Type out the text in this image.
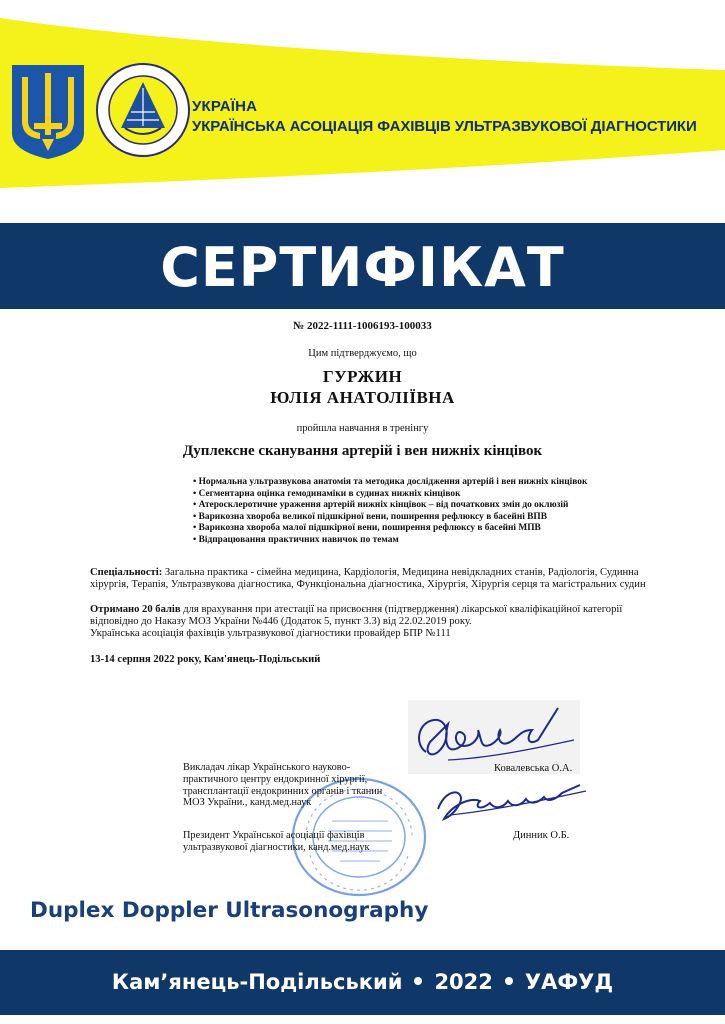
УКРАЇНА
УКРАЇНСЬКА АСОЦІАЦІЯ ФАХІВЦІВ УЛЬТРАЗВУКОВОЇ ДІАГНОСТИКИ
СЕРТИФІКАТ
№ 2022-1111-1006193-100033
Цим підтверджуємо, що
ГУРЖИН
ЮЛІЯ АНАТОЛІЇВНА
пройшла навчання в тренінгу
Дуплексне сканування артерій і вен нижніх кінцівок
• Нормальна ультразвукова анатомія та методика дослідження артерій і вен нижніх кінцівок
• Сегментарна оцінка гемодинаміки в судинах нижніх кінцівок
• Атеросклеротичне ураження артерій нижніх кінцівок – від початкових змін до оклюзій
• Варикозна хвороба великої підшкірної вени, поширення рефлюксу в басейні ВПВ
• Варикозна хвороба малої підшкірної вени, поширення рефлюксу в басейні МПВ
• Відпрацювання практичних навичок по темам
Спеціальності: Загальна практика - сімейна медицина, Кардіологія, Медицина невідкладних станів, Радіологія, Судинна хірургія, Терапія, Ультразвукова діагностика, Функціональна діагностика, Хірургія, Хірургія серця та магістральних судин
Отримано 20 балів для врахування при атестації на присвоєння (підтвердження) лікарської кваліфікаційної категорії відповідно до Наказу МОЗ України №446 (Додаток 5, пункт 3.3) від 22.02.2019 року.
Українська асоціація фахівців ультразвукової діагностики провайдер БПР №111
13-14 серпня 2022 року, Кам'янець-Подільський
Викладач лікар Українського науково-практичного центру ендокринної хірургії, трансплантації ендокринних органів і тканин МОЗ України., канд.мед.наук
Ковалевська О.А.
Президент Української асоціації фахівців ультразвукової діагностики, канд.мед.наук
Динник О.Б.
Duplex Doppler Ultrasonography
Кам’янець-Подільський 2022 УАФУД
